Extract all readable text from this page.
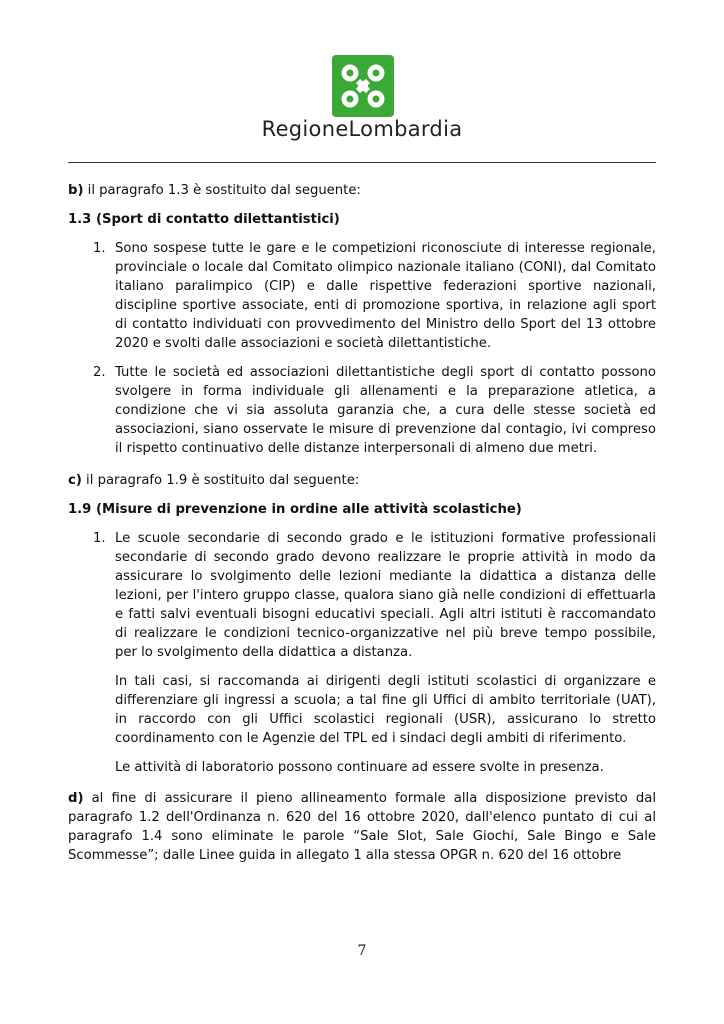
RegioneLombardia

b) il paragrafo 1.3 è sostituito dal seguente:

1.3 (Sport di contatto dilettantistici)

1. Sono sospese tutte le gare e le competizioni riconosciute di interesse regionale, provinciale o locale dal Comitato olimpico nazionale italiano (CONI), dal Comitato italiano paralimpico (CIP) e dalle rispettive federazioni sportive nazionali, discipline sportive associate, enti di promozione sportiva, in relazione agli sport di contatto individuati con provvedimento del Ministro dello Sport del 13 ottobre 2020 e svolti dalle associazioni e società dilettantistiche.
2. Tutte le società ed associazioni dilettantistiche degli sport di contatto possono svolgere in forma individuale gli allenamenti e la preparazione atletica, a condizione che vi sia assoluta garanzia che, a cura delle stesse società ed associazioni, siano osservate le misure di prevenzione dal contagio, ivi compreso il rispetto continuativo delle distanze interpersonali di almeno due metri.

c) il paragrafo 1.9 è sostituito dal seguente:

1.9 (Misure di prevenzione in ordine alle attività scolastiche)

1. Le scuole secondarie di secondo grado e le istituzioni formative professionali secondarie di secondo grado devono realizzare le proprie attività in modo da assicurare lo svolgimento delle lezioni mediante la didattica a distanza delle lezioni, per l'intero gruppo classe, qualora siano già nelle condizioni di effettuarla e fatti salvi eventuali bisogni educativi speciali. Agli altri istituti è raccomandato di realizzare le condizioni tecnico-organizzative nel più breve tempo possibile, per lo svolgimento della didattica a distanza.

In tali casi, si raccomanda ai dirigenti degli istituti scolastici di organizzare e differenziare gli ingressi a scuola; a tal fine gli Uffici di ambito territoriale (UAT), in raccordo con gli Uffici scolastici regionali (USR), assicurano lo stretto coordinamento con le Agenzie del TPL ed i sindaci degli ambiti di riferimento.

Le attività di laboratorio possono continuare ad essere svolte in presenza.

d) al fine di assicurare il pieno allineamento formale alla disposizione previsto dal paragrafo 1.2 dell'Ordinanza n. 620 del 16 ottobre 2020, dall'elenco puntato di cui al paragrafo 1.4 sono eliminate le parole “Sale Slot, Sale Giochi, Sale Bingo e Sale Scommesse”; dalle Linee guida in allegato 1 alla stessa OPGR n. 620 del 16 ottobre

7
